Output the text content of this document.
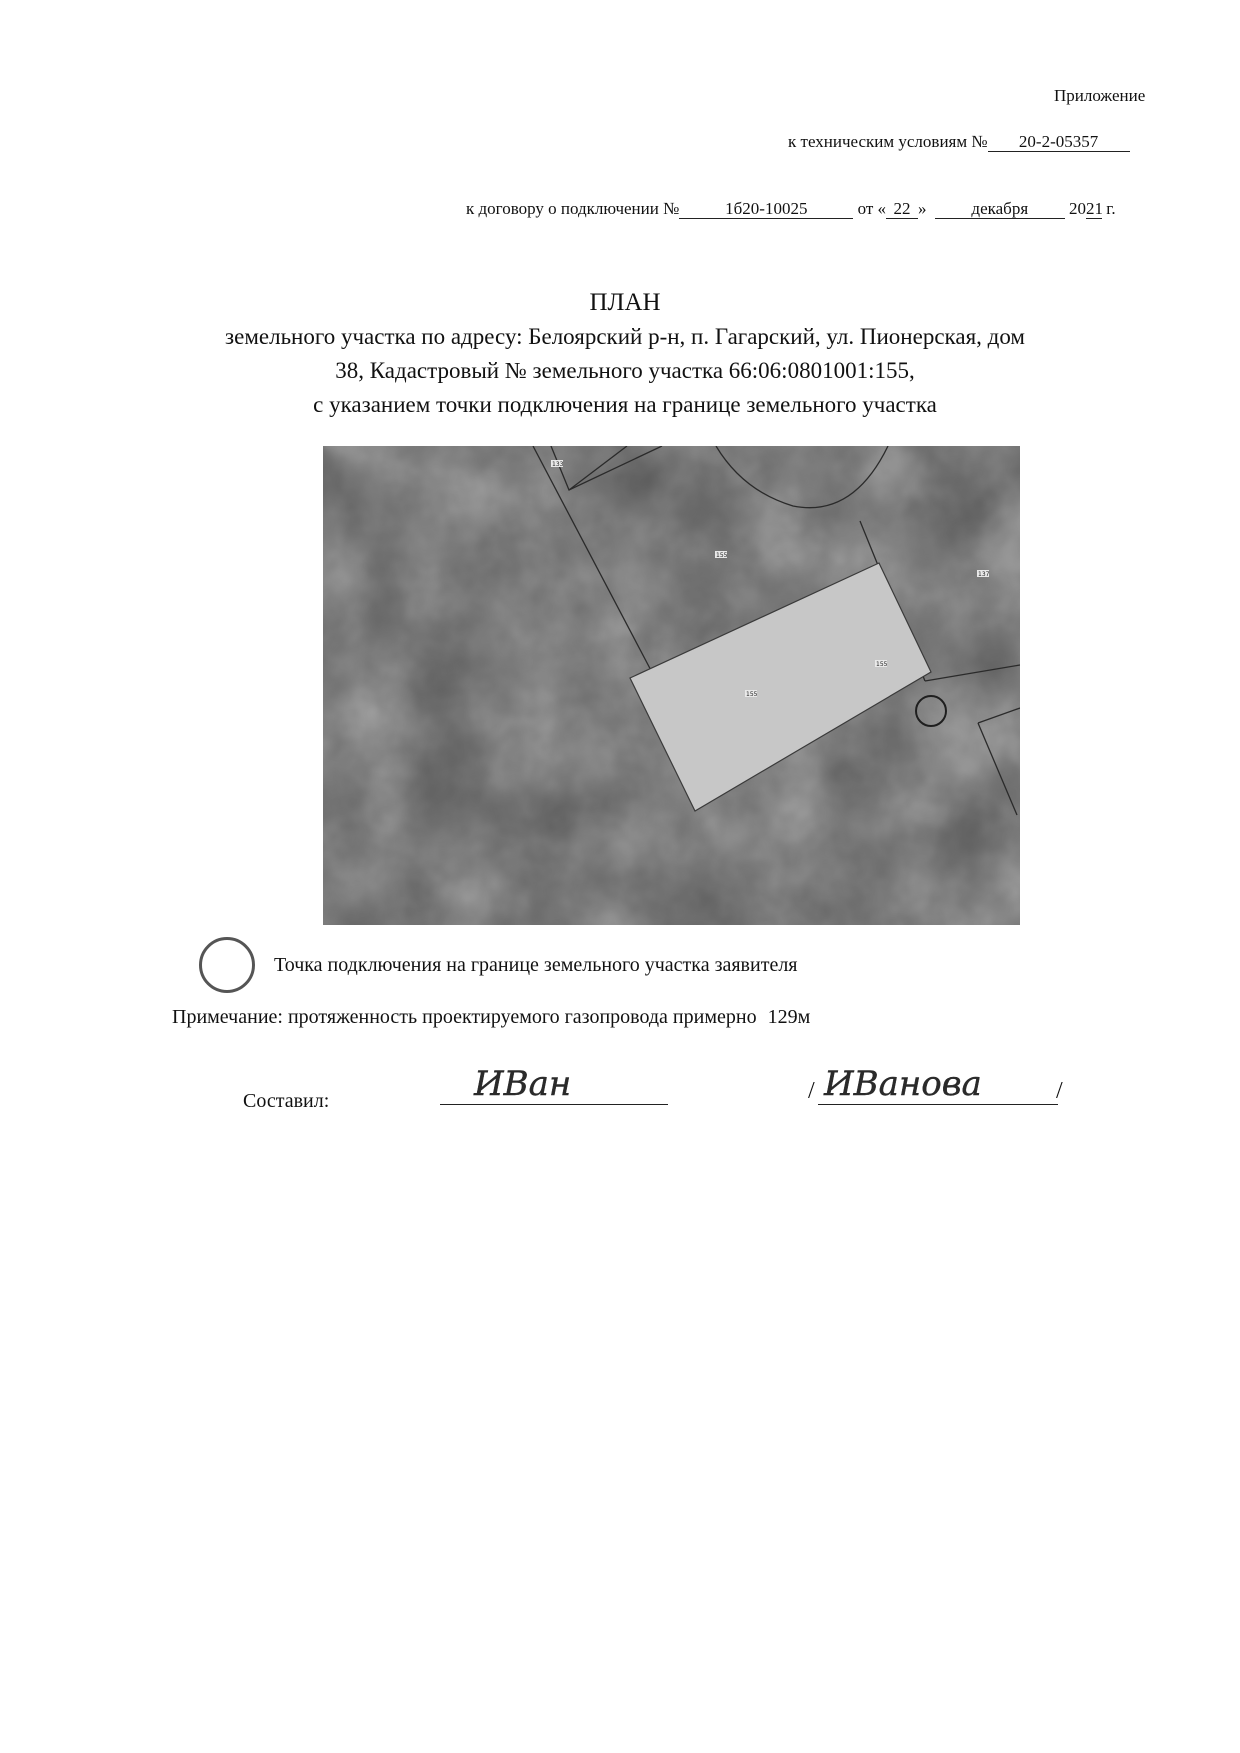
Приложение
к техническим условиям № 20-2-05357
к договору о подключении №	1б20-10025	от « 22 »	декабря 2021 г.
ПЛАН
земельного участка по адресу: Белоярский р-н, п. Гагарский, ул. Пионерская, дом
38, Кадастровый № земельного участка 66:06:0801001:155,
с указанием точки подключения на границе земельного участка
133
155
137
155
155
Точка подключения на границе земельного участка заявителя
Примечание: протяженность проектируемого газопровода примерно 129м
Составил:	ИВан	/ ИВанова	/
